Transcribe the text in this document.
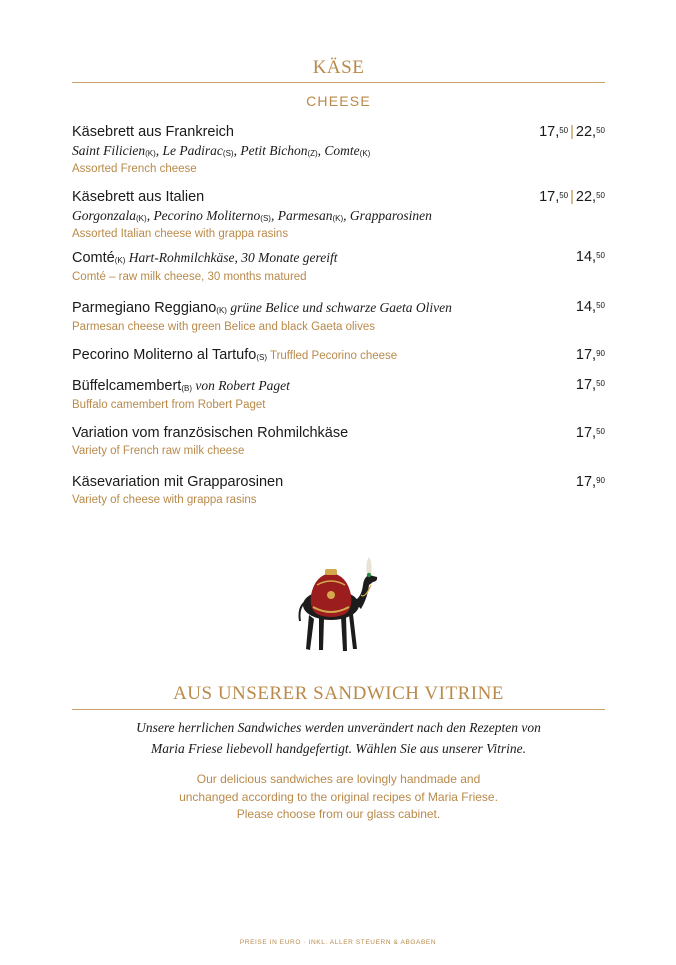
KÄSE
CHEESE
Käsebrett aus Frankreich
Saint Filicien$_{(K)}$, Le Padirac$_{(S)}$, Petit Bichon$_{(Z)}$, Comte$_{(K)}$
Assorted French cheese
17,50 | 22,50
Käsebrett aus Italien
Gorgonzala$_{(K)}$, Pecorino Moliterno$_{(S)}$, Parmesan$_{(K)}$, Grapparosinen
Assorted Italian cheese with grappa rasins
17,50 | 22,50
Comté$_{(K)}$ Hart-Rohmilchkäse, 30 Monate gereift
Comté – raw milk cheese, 30 months matured
14,50
Parmegiano Reggiano$_{(K)}$ grüne Belice und schwarze Gaeta Oliven
Parmesan cheese with green Belice and black Gaeta olives
14,50
Pecorino Moliterno al Tartufo$_{(S)}$ Truffled Pecorino cheese	17,90
Büffelcamembert$_{(B)}$ von Robert Paget
Buffalo camembert from Robert Paget
17,50
Variation vom französischen Rohmilchkäse
Variety of French raw milk cheese
17,50
Käsevariation mit Grapparosinen
Variety of cheese with grappa rasins
17,90
AUS UNSERER SANDWICH VITRINE
Unsere herrlichen Sandwiches werden unverändert nach den Rezepten von
Maria Friese liebevoll handgefertigt. Wählen Sie aus unserer Vitrine.
Our delicious sandwiches are lovingly handmade and
unchanged according to the original recipes of Maria Friese.
Please choose from our glass cabinet.
PREISE IN EURO · INKL. ALLER STEUERN & ABGABEN
